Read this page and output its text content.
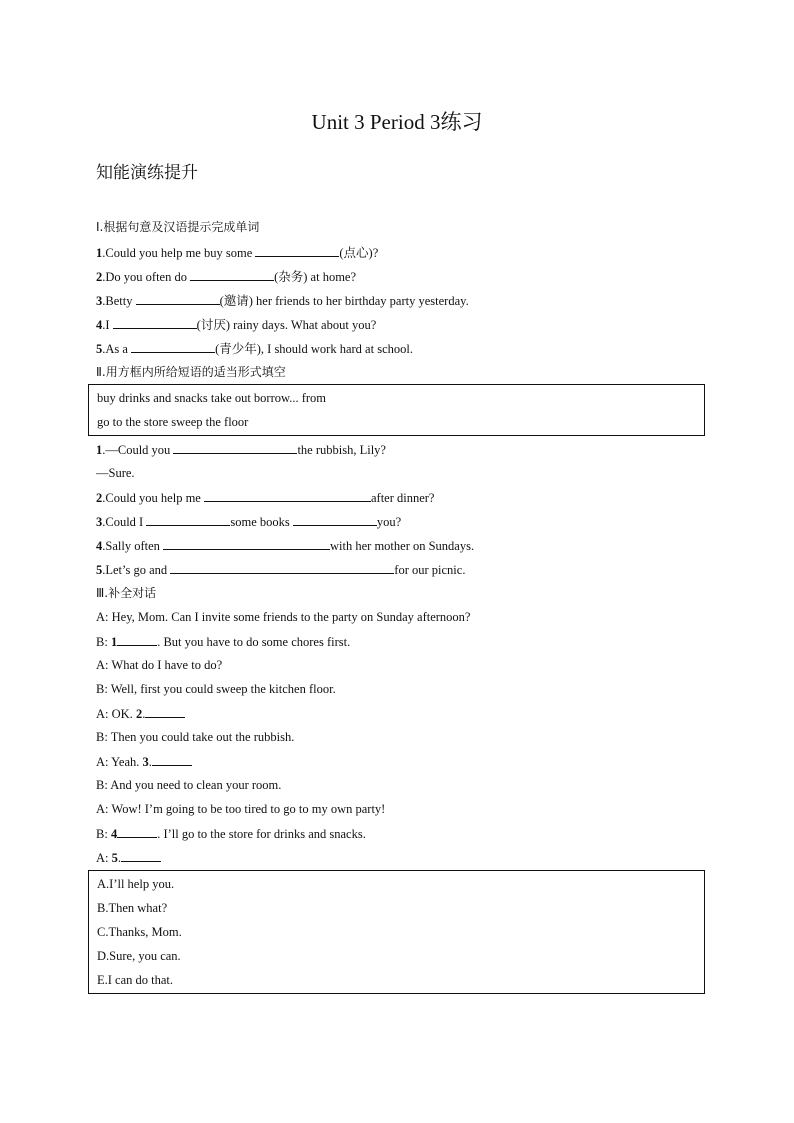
Unit 3 Period 3练习
知能演练提升
Ⅰ.根据句意及汉语提示完成单词
1.Could you help me buy some	(点心)?
2.Do you often do	(杂务) at home?
3.Betty	(邀请) her friends to her birthday party yesterday.
4.I	(讨厌) rainy days. What about you?
5.As a	(青少年), I should work hard at school.
Ⅱ.用方框内所给短语的适当形式填空
buy drinks and snacks take out borrow... from
go to the store sweep the floor
1.—Could you	the rubbish, Lily?
—Sure.
2.Could you help me	after dinner?
3.Could I	some books	you?
4.Sally often	with her mother on Sundays.
5.Let’s go and	for our picnic.
Ⅲ.补全对话
A: Hey, Mom. Can I invite some friends to the party on Sunday afternoon?
B: 1	. But you have to do some chores first.
A: What do I have to do?
B: Well, first you could sweep the kitchen floor.
A: OK. 2.
B: Then you could take out the rubbish.
A: Yeah. 3.
B: And you need to clean your room.
A: Wow! I’m going to be too tired to go to my own party!
B: 4	. I’ll go to the store for drinks and snacks.
A: 5.
A.I’ll help you.
B.Then what?
C.Thanks, Mom.
D.Sure, you can.
E.I can do that.
